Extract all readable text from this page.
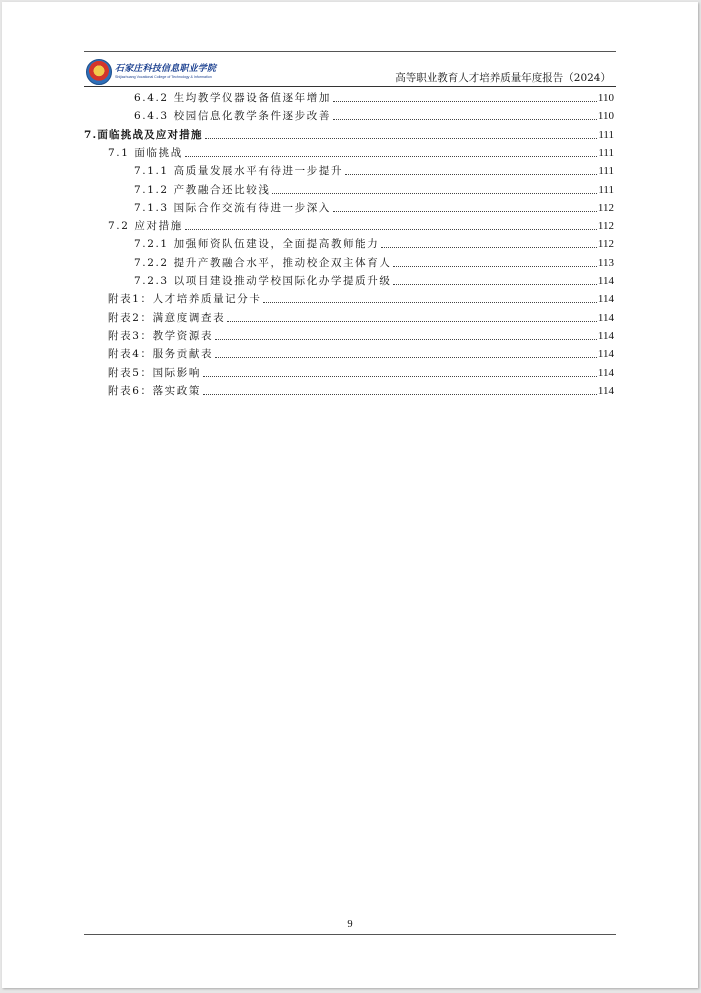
石家庄科技信息职业学院
Shijiazhuang Vocational College of Technology & Information	高等职业教育人才培养质量年度报告（2024）
6.4.2 生均教学仪器设备值逐年增加	110
6.4.3 校园信息化教学条件逐步改善	110
7.面临挑战及应对措施	111
7.1 面临挑战	111
7.1.1 高质量发展水平有待进一步提升	111
7.1.2 产教融合还比较浅	111
7.1.3 国际合作交流有待进一步深入	112
7.2 应对措施	112
7.2.1 加强师资队伍建设，全面提高教师能力	112
7.2.2 提升产教融合水平，推动校企双主体育人	113
7.2.3 以项目建设推动学校国际化办学提质升级	114
附表1：人才培养质量记分卡	114
附表2：满意度调查表	114
附表3：教学资源表	114
附表4：服务贡献表	114
附表5：国际影响	114
附表6：落实政策	114
9
